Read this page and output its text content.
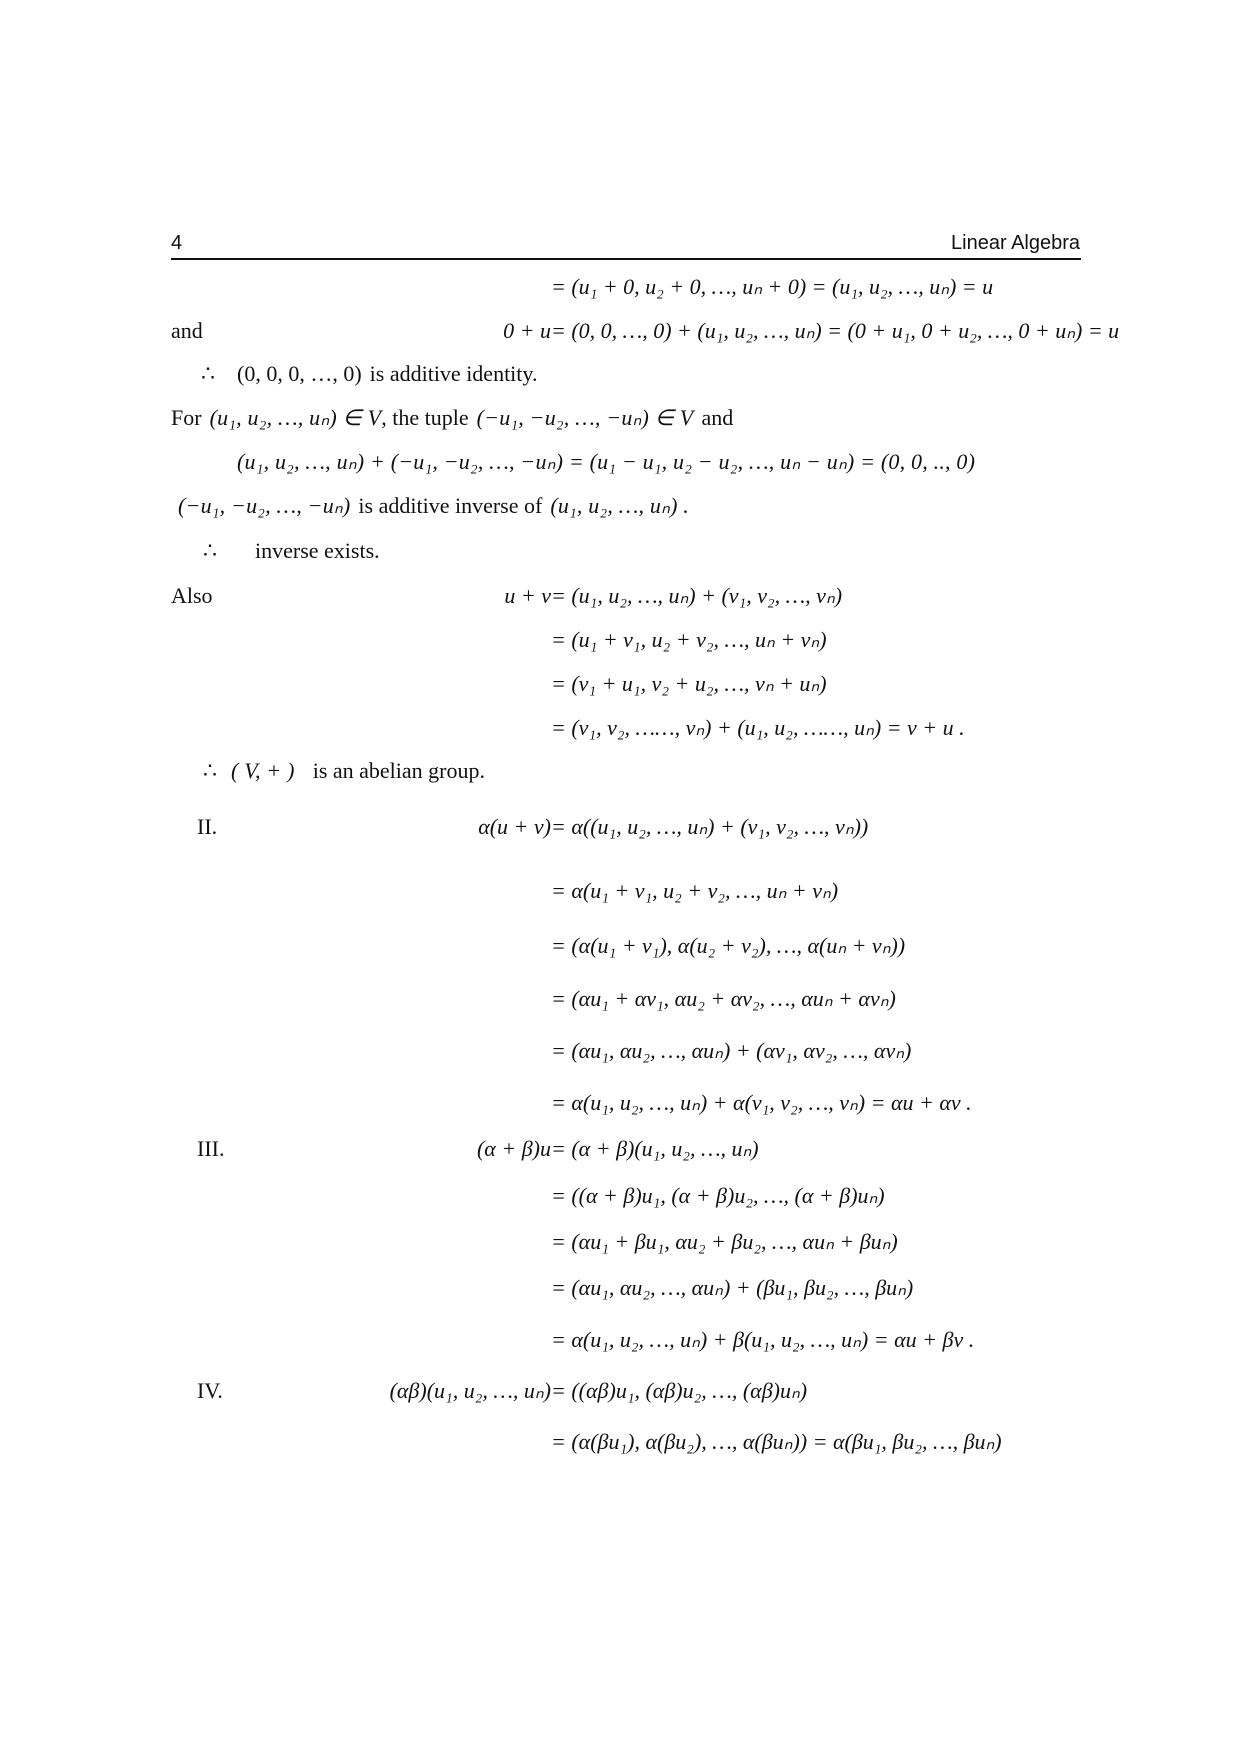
4	Linear Algebra
= (u₁ + 0, u₂ + 0, …, uₙ + 0) = (u₁, u₂, …, uₙ) = u
and	0 + u = (0, 0, …, 0) + (u₁, u₂, …, uₙ) = (0 + u₁, 0 + u₂, …, 0 + uₙ) = u
∴ (0, 0, 0, …, 0) is additive identity.
For (u₁, u₂, …, uₙ) ∈ V , the tuple (−u₁, −u₂, …, −uₙ) ∈ V and
(u₁, u₂, …, uₙ) + (−u₁, −u₂, …, −uₙ) = (u₁ − u₁, u₂ − u₂, …, uₙ − uₙ) = (0, 0, .., 0)
(−u₁, −u₂, …, −uₙ) is additive inverse of (u₁, u₂, …, uₙ) .
∴ inverse exists.
Also	u + v = (u₁, u₂, …, uₙ) + (v₁, v₂, …, vₙ)
= (u₁ + v₁, u₂ + v₂, …, uₙ + vₙ)
= (v₁ + u₁, v₂ + u₂, …, vₙ + uₙ)
= (v₁, v₂, ……, vₙ) + (u₁, u₂, ……, uₙ) = v + u .
∴ ( V, + ) is an abelian group.
II.	α(u + v) = α((u₁, u₂, …, uₙ) + (v₁, v₂, …, vₙ))
= α(u₁ + v₁, u₂ + v₂, …, uₙ + vₙ)
= (α(u₁ + v₁), α(u₂ + v₂), …, α(uₙ + vₙ))
= (αu₁ + αv₁, αu₂ + αv₂, …, αuₙ + αvₙ)
= (αu₁, αu₂, …, αuₙ) + (αv₁, αv₂, …, αvₙ)
= α(u₁, u₂, …, uₙ) + α(v₁, v₂, …, vₙ) = αu + αv .
III.	(α + β)u = (α + β)(u₁, u₂, …, uₙ)
= ((α + β)u₁, (α + β)u₂, …, (α + β)uₙ)
= (αu₁ + βu₁, αu₂ + βu₂, …, αuₙ + βuₙ)
= (αu₁, αu₂, …, αuₙ) + (βu₁, βu₂, …, βuₙ)
= α(u₁, u₂, …, uₙ) + β(u₁, u₂, …, uₙ) = αu + βv .
IV.	(αβ)(u₁, u₂, …, uₙ) = ((αβ)u₁, (αβ)u₂, …, (αβ)uₙ)
= (α(βu₁), α(βu₂), …, α(βuₙ)) = α(βu₁, βu₂, …, βuₙ)
